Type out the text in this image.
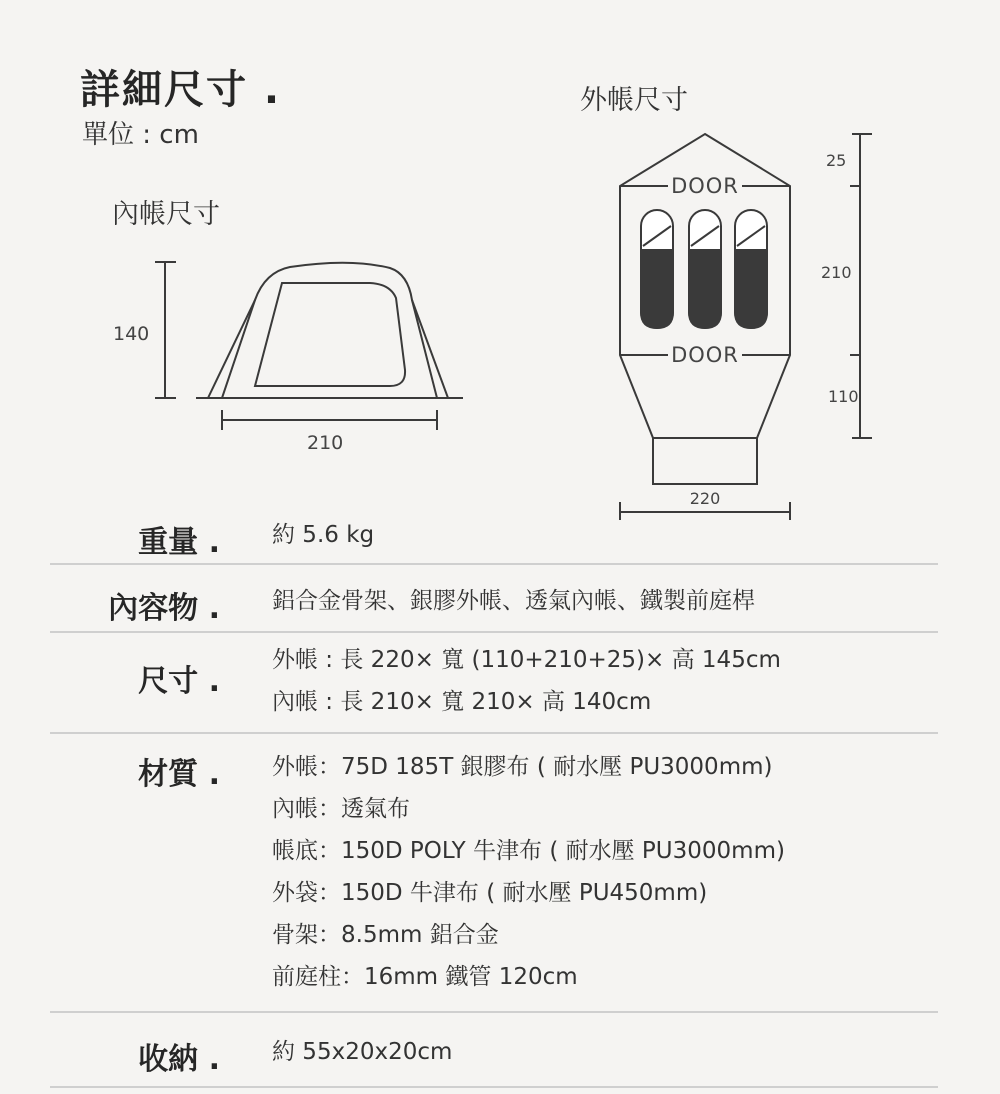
詳細尺寸 .
單位 : cm
內帳尺寸
外帳尺寸
140
210
DOOR
DOOR
25
210
110
220
重量 . 約 5.6 kg
內容物 . 鋁合金骨架、銀膠外帳、透氣內帳、鐵製前庭桿
尺寸 .
外帳 : 長 220× 寬 (110+210+25)× 高 145cm
內帳 : 長 210× 寬 210× 高 140cm
材質 . 外帳：75D 185T 銀膠布 ( 耐水壓 PU3000mm)
內帳：透氣布
帳底：150D POLY 牛津布 ( 耐水壓 PU3000mm)
外袋：150D 牛津布 ( 耐水壓 PU450mm)
骨架：8.5mm 鋁合金
前庭柱：16mm 鐵管 120cm
收納 . 約 55x20x20cm
